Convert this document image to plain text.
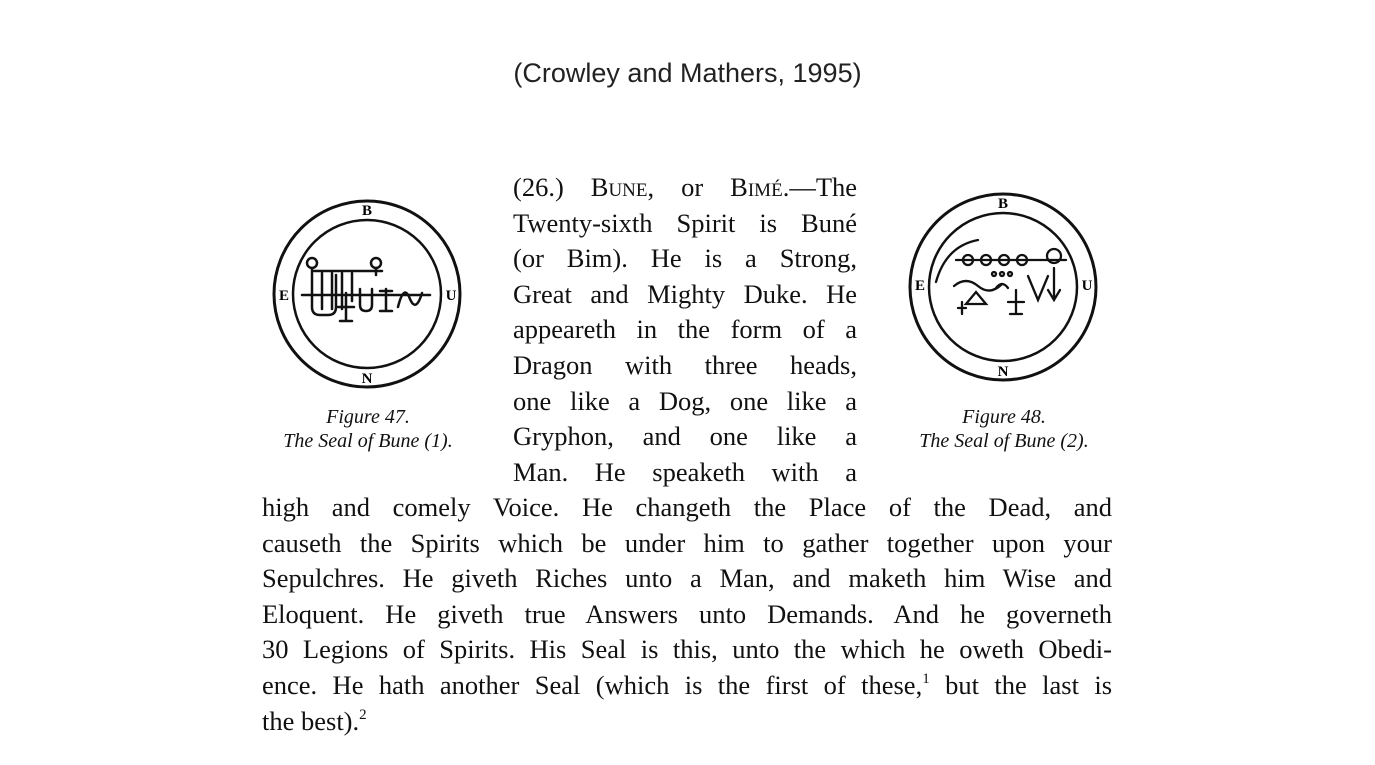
(Crowley and Mathers, 1995)
B
N
E	U
Figure 47.
The Seal of Bune (1).
B
N
E	U
Figure 48.
The Seal of Bune (2).
(26.) Bune, or Bimé.—The
Twenty-sixth Spirit is Buné
(or Bim). He is a Strong,
Great and Mighty Duke. He
appeareth in the form of a
Dragon with three heads,
one like a Dog, one like a
Gryphon, and one like a
Man. He speaketh with a
high and comely Voice. He changeth the Place of the Dead, and
causeth the Spirits which be under him to gather together upon your
Sepulchres. He giveth Riches unto a Man, and maketh him Wise and
Eloquent. He giveth true Answers unto Demands. And he governeth
30 Legions of Spirits. His Seal is this, unto the which he oweth Obedi-
ence. He hath another Seal (which is the first of these,$^1$ but the last is
the best).$^2$
